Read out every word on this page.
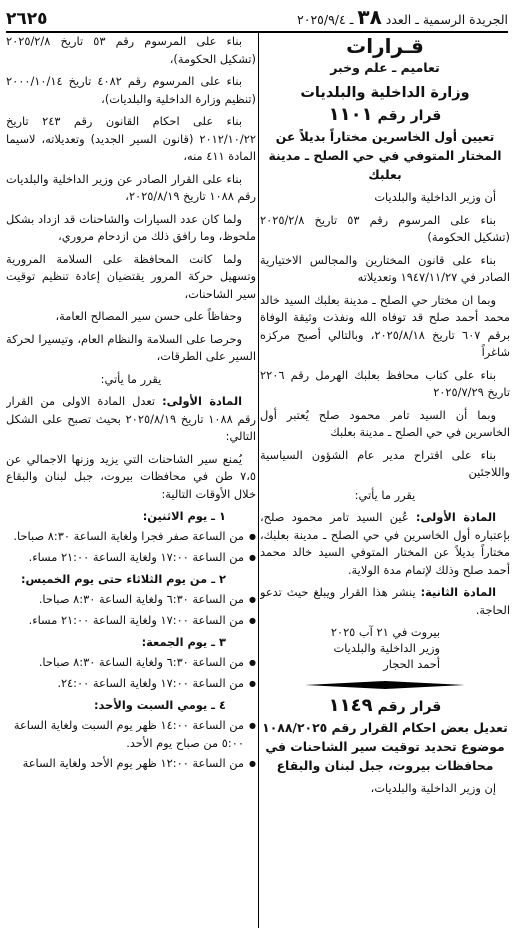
الجريدة الرسمية ـ العدد ٣٨ ـ ٢٠٢٥/٩/٤
٢٦٢٥
قـرارات
تعاميم ـ علم وخبر
وزارة الداخلية والبلديات
قرار رقم ١١٠١
تعيين أول الخاسرين مختاراً بديلاً عن المختار المتوفي في حي الصلح ـ مدينة بعلبك

أن وزير الداخلية والبلديات

بناء على المرسوم رقم ٥٣ تاريخ ٢٠٢٥/٢/٨ (تشكيل الحكومة)

بناء على قانون المختارين والمجالس الاختيارية الصادر في ١٩٤٧/١١/٢٧ وتعديلاته

وبما ان مختار حي الصلح ـ مدينة بعلبك السيد خالد محمد أحمد صلح قد توفاه الله ونفذت وثيقة الوفاة برقم ٦٠٧ تاريخ ٢٠٢٥/٨/١٨، وبالتالي أصبح مركزه شاغراً

بناء على كتاب محافظ بعلبك الهرمل رقم ٢٢٠٦ تاريخ ٢٠٢٥/٧/٢٩

وبما أن السيد تامر محمود صلح يُعتبر أول الخاسرين في حي الصلح ـ مدينة بعلبك

بناء على اقتراح مدير عام الشؤون السياسية واللاجئين

يقرر ما يأتي:

المادة الأولى: عُين السيد تامر محمود صلح، بإعتباره أول الخاسرين في حي الصلح ـ مدينة بعلبك، مختاراً بديلاً عن المختار المتوفي السيد خالد محمد أحمد صلح وذلك لإتمام مدة الولاية.

المادة الثانية: ينشر هذا القرار ويبلغ حيث تدعو الحاجة.

بيروت في ٢١ آب ٢٠٢٥

وزير الداخلية والبلديات

أحمد الحجار

قرار رقم ١١٤٩
تعديل بعض احكام القرار رقم ١٠٨٨/٢٠٢٥ موضوع تحديد توقيت سير الشاحنات في محافظات بيروت، جبل لبنان والبقاع

إن وزير الداخلية والبلديات،

بناء على المرسوم رقم ٥٣ تاريخ ٢٠٢٥/٢/٨ (تشكيل الحكومة)،

بناء على المرسوم رقم ٤٠٨٢ تاريخ ٢٠٠٠/١٠/١٤ (تنظيم وزارة الداخلية والبلديات)،

بناء على احكام القانون رقم ٢٤٣ تاريخ ٢٠١٢/١٠/٢٢ (قانون السير الجديد) وتعديلاته، لاسيما المادة ٤١١ منه،

بناء على القرار الصادر عن وزير الداخلية والبلديات رقم ١٠٨٨ تاريخ ٢٠٢٥/٨/١٩،

ولما كان عدد السيارات والشاحنات قد ازداد بشكل ملحوظ، وما رافق ذلك من ازدحام مروري،

ولما كانت المحافظة على السلامة المرورية وتسهيل حركة المرور يقتضيان إعادة تنظيم توقيت سير الشاحنات،

وحفاظاً على حسن سير المصالح العامة،

وحرصا على السلامة والنظام العام، وتيسيرا لحركة السير على الطرقات،

يقرر ما يأتي:

المادة الأولى: تعدل المادة الاولى من القرار رقم ١٠٨٨ تاريخ ٢٠٢٥/٨/١٩ بحيث تصبح على الشكل التالي:

يُمنع سير الشاحنات التي يزيد وزنها الاجمالي عن ٧،٥ طن في محافظات بيروت، جبل لبنان والبقاع خلال الأوقات التالية:

١ ـ يوم الاثنين:

● من الساعة صفر فجرا ولغاية الساعة ٨:٣٠ صباحا.

● من الساعة ١٧:٠٠ ولغاية الساعة ٢١:٠٠ مساء.

٢ ـ من يوم الثلاثاء حتى يوم الخميس:

● من الساعة ٦:٣٠ ولغاية الساعة ٨:٣٠ صباحا.

● من الساعة ١٧:٠٠ ولغاية الساعة ٢١:٠٠ مساء.

٣ ـ يوم الجمعة:

● من الساعة ٦:٣٠ ولغاية الساعة ٨:٣٠ صباحا.

● من الساعة ١٧:٠٠ ولغاية الساعة ٢٤:٠٠.

٤ ـ يومي السبت والأحد:

● من الساعة ١٤:٠٠ ظهر يوم السبت ولغاية الساعة ٥:٠٠ من صباح يوم الأحد.

● من الساعة ١٢:٠٠ ظهر يوم الأحد ولغاية الساعة
